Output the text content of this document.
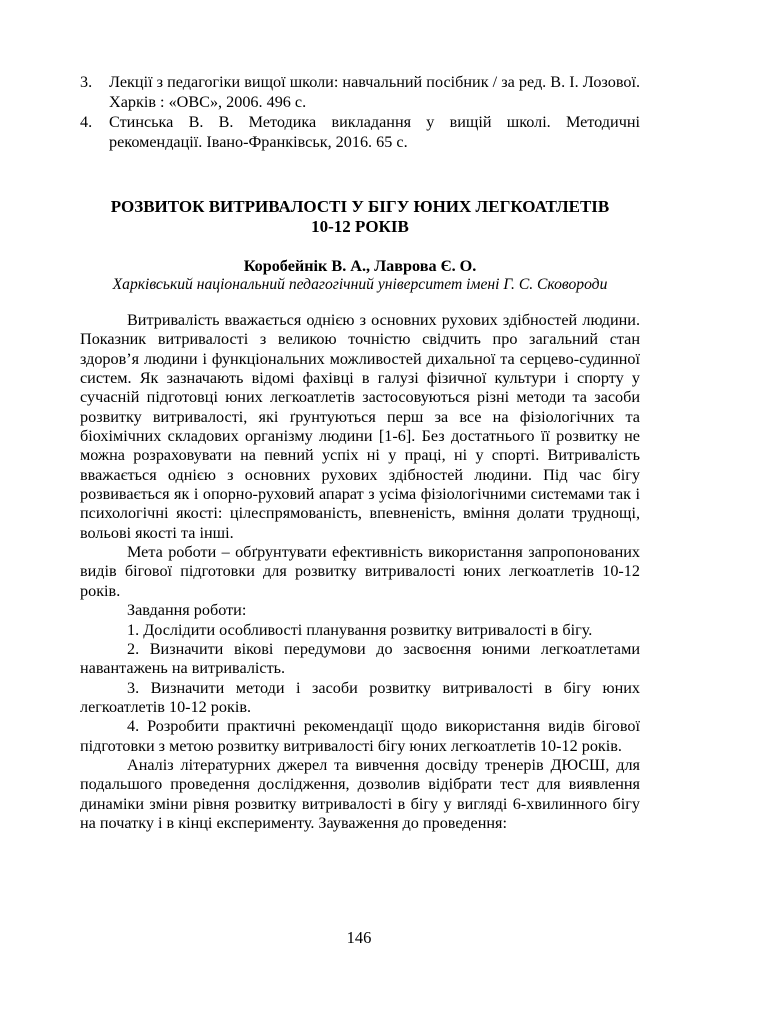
3. Лекції з педагогіки вищої школи: навчальний посібник / за ред. В. І. Лозової. Харків : «ОВС», 2006. 496 с.
4. Стинська В. В. Методика викладання у вищій школі. Методичні рекомендації. Івано-Франківськ, 2016. 65 с.
РОЗВИТОК ВИТРИВАЛОСТІ У БІГУ ЮНИХ ЛЕГКОАТЛЕТІВ
10-12 РОКІВ
Коробейнік В. А., Лаврова Є. О.
Харківський національний педагогічний університет імені Г. С. Сковороди

Витривалість вважається однією з основних рухових здібностей людини. Показник витривалості з великою точністю свідчить про загальний стан здоров’я людини і функціональних можливостей дихальної та серцево-судинної систем. Як зазначають відомі фахівці в галузі фізичної культури і спорту у сучасній підготовці юних легкоатлетів застосовуються різні методи та засоби розвитку витривалості, які ґрунтуються перш за все на фізіологічних та біохімічних складових організму людини [1-6]. Без достатнього її розвитку не можна розраховувати на певний успіх ні у праці, ні у спорті. Витривалість вважається однією з основних рухових здібностей людини. Під час бігу розвивається як і опорно-руховий апарат з усіма фізіологічними системами так і психологічні якості: цілеспрямованість, впевненість, вміння долати труднощі, вольові якості та інші.

Мета роботи – обґрунтувати ефективність використання запропонованих видів бігової підготовки для розвитку витривалості юних легкоатлетів 10-12 років.

Завдання роботи:

1. Дослідити особливості планування розвитку витривалості в бігу.

2. Визначити вікові передумови до засвоєння юними легкоатлетами навантажень на витривалість.

3. Визначити методи і засоби розвитку витривалості в бігу юних легкоатлетів 10-12 років.

4. Розробити практичні рекомендації щодо використання видів бігової підготовки з метою розвитку витривалості бігу юних легкоатлетів 10-12 років.

Аналіз літературних джерел та вивчення досвіду тренерів ДЮСШ, для подальшого проведення дослідження, дозволив відібрати тест для виявлення динаміки зміни рівня розвитку витривалості в бігу у вигляді 6-хвилинного бігу на початку і в кінці експерименту. Зауваження до проведення:

146
